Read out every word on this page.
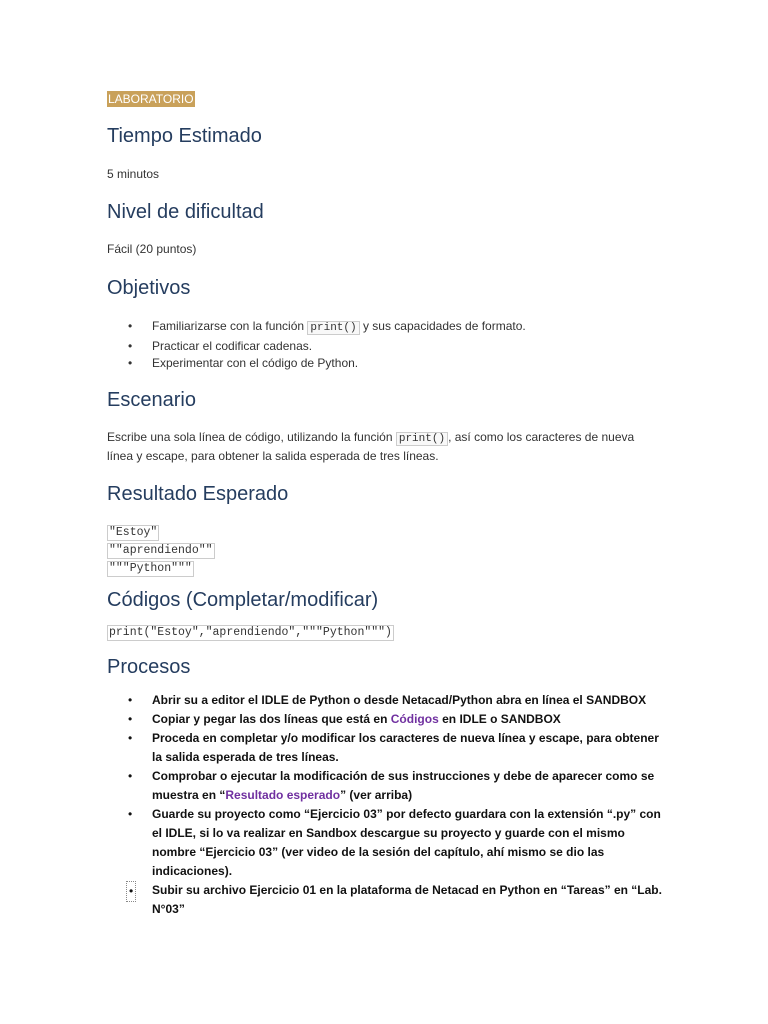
LABORATORIO
Tiempo Estimado

5 minutos

Nivel de dificultad

Fácil (20 puntos)

Objetivos
• Familiarizarse con la función print() y sus capacidades de formato.
• Practicar el codificar cadenas.
• Experimentar con el código de Python.
Escenario

Escribe una sola línea de código, utilizando la función print() , así como los caracteres de nueva línea y escape, para obtener la salida esperada de tres líneas.

Resultado Esperado
"Estoy"
""aprendiendo""
"""Python"""
Códigos (Completar/modificar)
print("Estoy","aprendiendo","""Python""")
Procesos
• Abrir su a editor el IDLE de Python o desde Netacad/Python abra en línea el SANDBOX
• Copiar y pegar las dos líneas que está en Códigos en IDLE o SANDBOX
• Proceda en completar y/o modificar los caracteres de nueva línea y escape, para obtener la salida esperada de tres líneas.
• Comprobar o ejecutar la modificación de sus instrucciones y debe de aparecer como se muestra en “Resultado esperado” (ver arriba)
• Guarde su proyecto como “Ejercicio 03” por defecto guardara con la extensión “.py” con el IDLE, si lo va realizar en Sandbox descargue su proyecto y guarde con el mismo nombre “Ejercicio 03” (ver video de la sesión del capítulo, ahí mismo se dio las indicaciones).
• Subir su archivo Ejercicio 01 en la plataforma de Netacad en Python en “Tareas” en “Lab. N°03”
